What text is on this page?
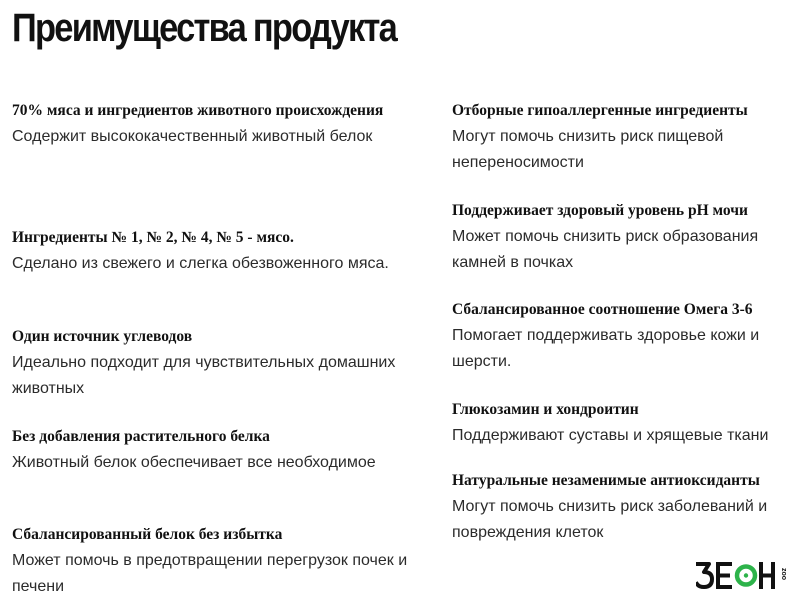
Преимущества продукта

70% мяса и ингредиентов животного происхождения

Содержит высококачественный животный белок

Ингредиенты № 1, № 2, № 4, № 5 - мясо.

Сделано из свежего и слегка обезвоженного мяса.

Один источник углеводов

Идеально подходит для чувствительных домашних животных

Без добавления растительного белка

Животный белок обеспечивает все необходимое

Сбалансированный белок без избытка

Может помочь в предотвращении перегрузок почек и печени

Отборные гипоаллергенные ингредиенты

Могут помочь снизить риск пищевой непереносимости

Поддерживает здоровый уровень pH мочи

Может помочь снизить риск образования камней в почках

Сбалансированное соотношение Омега 3-6

Помогает поддерживать здоровье кожи и шерсти.

Глюкозамин и хондроитин

Поддерживают суставы и хрящевые ткани

Натуральные незаменимые антиоксиданты

Могут помочь снизить риск заболеваний и повреждения клеток

zoo
